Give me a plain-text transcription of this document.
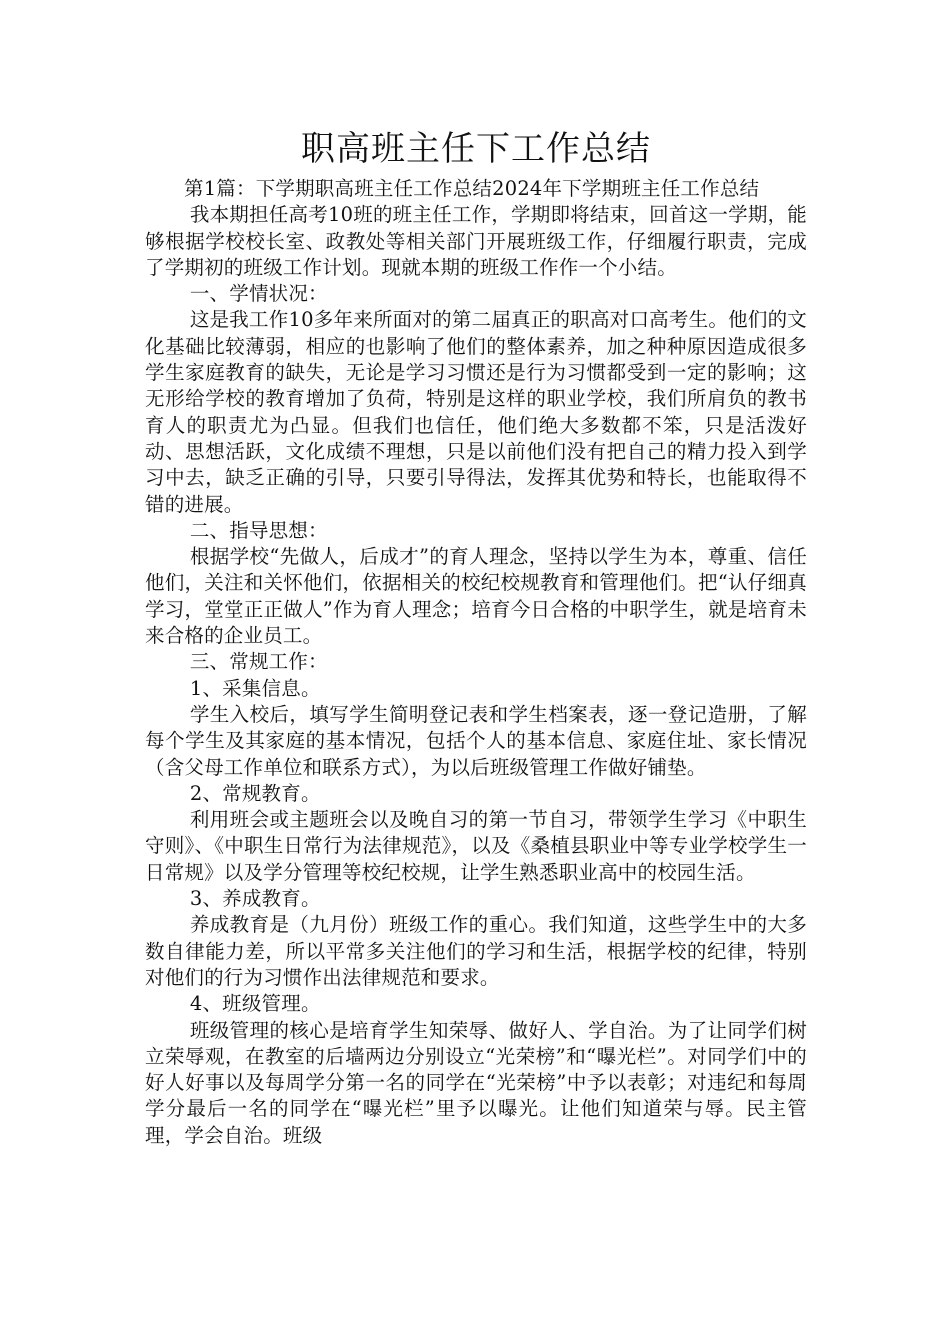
职高班主任下工作总结

第1篇：下学期职高班主任工作总结2024年下学期班主任工作总结

我本期担任高考10班的班主任工作，学期即将结束，回首这一学期，能够根据学校校长室、政教处等相关部门开展班级工作，仔细履行职责，完成了学期初的班级工作计划。现就本期的班级工作作一个小结。

一、学情状况：

这是我工作10多年来所面对的第二届真正的职高对口高考生。他们的文化基础比较薄弱，相应的也影响了他们的整体素养，加之种种原因造成很多学生家庭教育的缺失，无论是学习习惯还是行为习惯都受到一定的影响；这无形给学校的教育增加了负荷，特别是这样的职业学校，我们所肩负的教书育人的职责尤为凸显。但我们也信任，他们绝大多数都不笨，只是活泼好动、思想活跃，文化成绩不理想，只是以前他们没有把自己的精力投入到学习中去，缺乏正确的引导，只要引导得法，发挥其优势和特长，也能取得不错的进展。

二、指导思想：

根据学校“先做人，后成才”的育人理念，坚持以学生为本，尊重、信任他们，关注和关怀他们，依据相关的校纪校规教育和管理他们。把“认仔细真学习，堂堂正正做人”作为育人理念；培育今日合格的中职学生，就是培育未来合格的企业员工。

三、常规工作：

1、采集信息。

学生入校后，填写学生简明登记表和学生档案表，逐一登记造册，了解每个学生及其家庭的基本情况，包括个人的基本信息、家庭住址、家长情况（含父母工作单位和联系方式），为以后班级管理工作做好铺垫。

2、常规教育。

利用班会或主题班会以及晚自习的第一节自习，带领学生学习《中职生守则》、《中职生日常行为法律规范》，以及《桑植县职业中等专业学校学生一日常规》以及学分管理等校纪校规，让学生熟悉职业高中的校园生活。

3、养成教育。

养成教育是（九月份）班级工作的重心。我们知道，这些学生中的大多数自律能力差，所以平常多关注他们的学习和生活，根据学校的纪律，特别对他们的行为习惯作出法律规范和要求。

4、班级管理。

班级管理的核心是培育学生知荣辱、做好人、学自治。为了让同学们树立荣辱观，在教室的后墙两边分别设立“光荣榜”和“曝光栏”。对同学们中的好人好事以及每周学分第一名的同学在“光荣榜”中予以表彰；对违纪和每周学分最后一名的同学在“曝光栏”里予以曝光。让他们知道荣与辱。民主管理，学会自治。班级
